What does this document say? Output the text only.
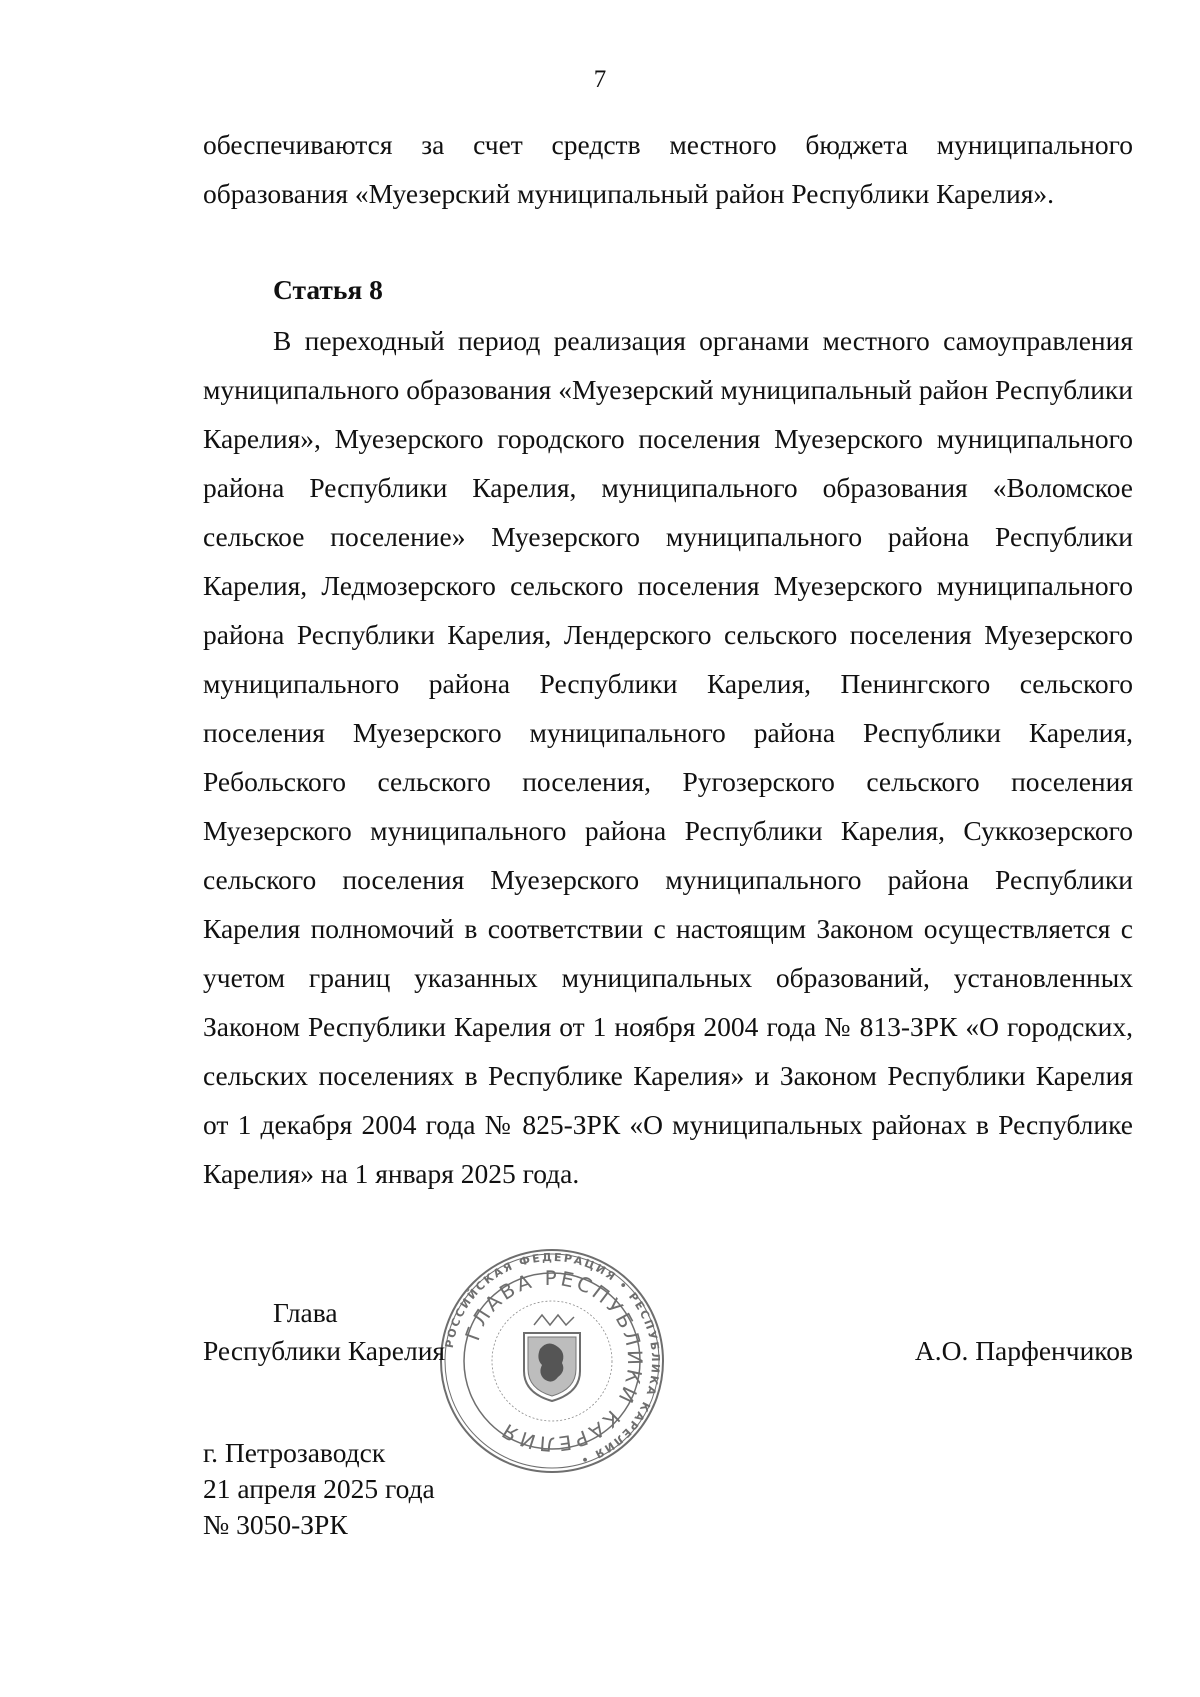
7

обеспечиваются за счет средств местного бюджета муниципального образования «Муезерский муниципальный район Республики Карелия».

Статья 8

В переходный период реализация органами местного самоуправления муниципального образования «Муезерский муниципальный район Республики Карелия», Муезерского городского поселения Муезерского муниципального района Республики Карелия, муниципального образования «Воломское сельское поселение» Муезерского муниципального района Республики Карелия, Ледмозерского сельского поселения Муезерского муниципального района Республики Карелия, Лендерского сельского поселения Муезерского муниципального района Республики Карелия, Пенингского сельского поселения Муезерского муниципального района Республики Карелия, Ребольского сельского поселения, Ругозерского сельского поселения Муезерского муниципального района Республики Карелия, Суккозерского сельского поселения Муезерского муниципального района Республики Карелия полномочий в соответствии с настоящим Законом осуществляется с учетом границ указанных муниципальных образований, установленных Законом Республики Карелия от 1 ноября 2004 года № 813-ЗРК «О городских, сельских поселениях в Республике Карелия» и Законом Республики Карелия от 1 декабря 2004 года № 825-ЗРК «О муниципальных районах в Республике Карелия» на 1 января 2025 года.

РОССИЙСКАЯ ФЕДЕРАЦИЯ • РЕСПУБЛИКА КАРЕЛИЯ •
ГЛАВА РЕСПУБЛИКИ КАРЕЛИЯ
Глава
Республики Карелия	А.О. Парфенчиков
г. Петрозаводск
21 апреля 2025 года
№ 3050-ЗРК
